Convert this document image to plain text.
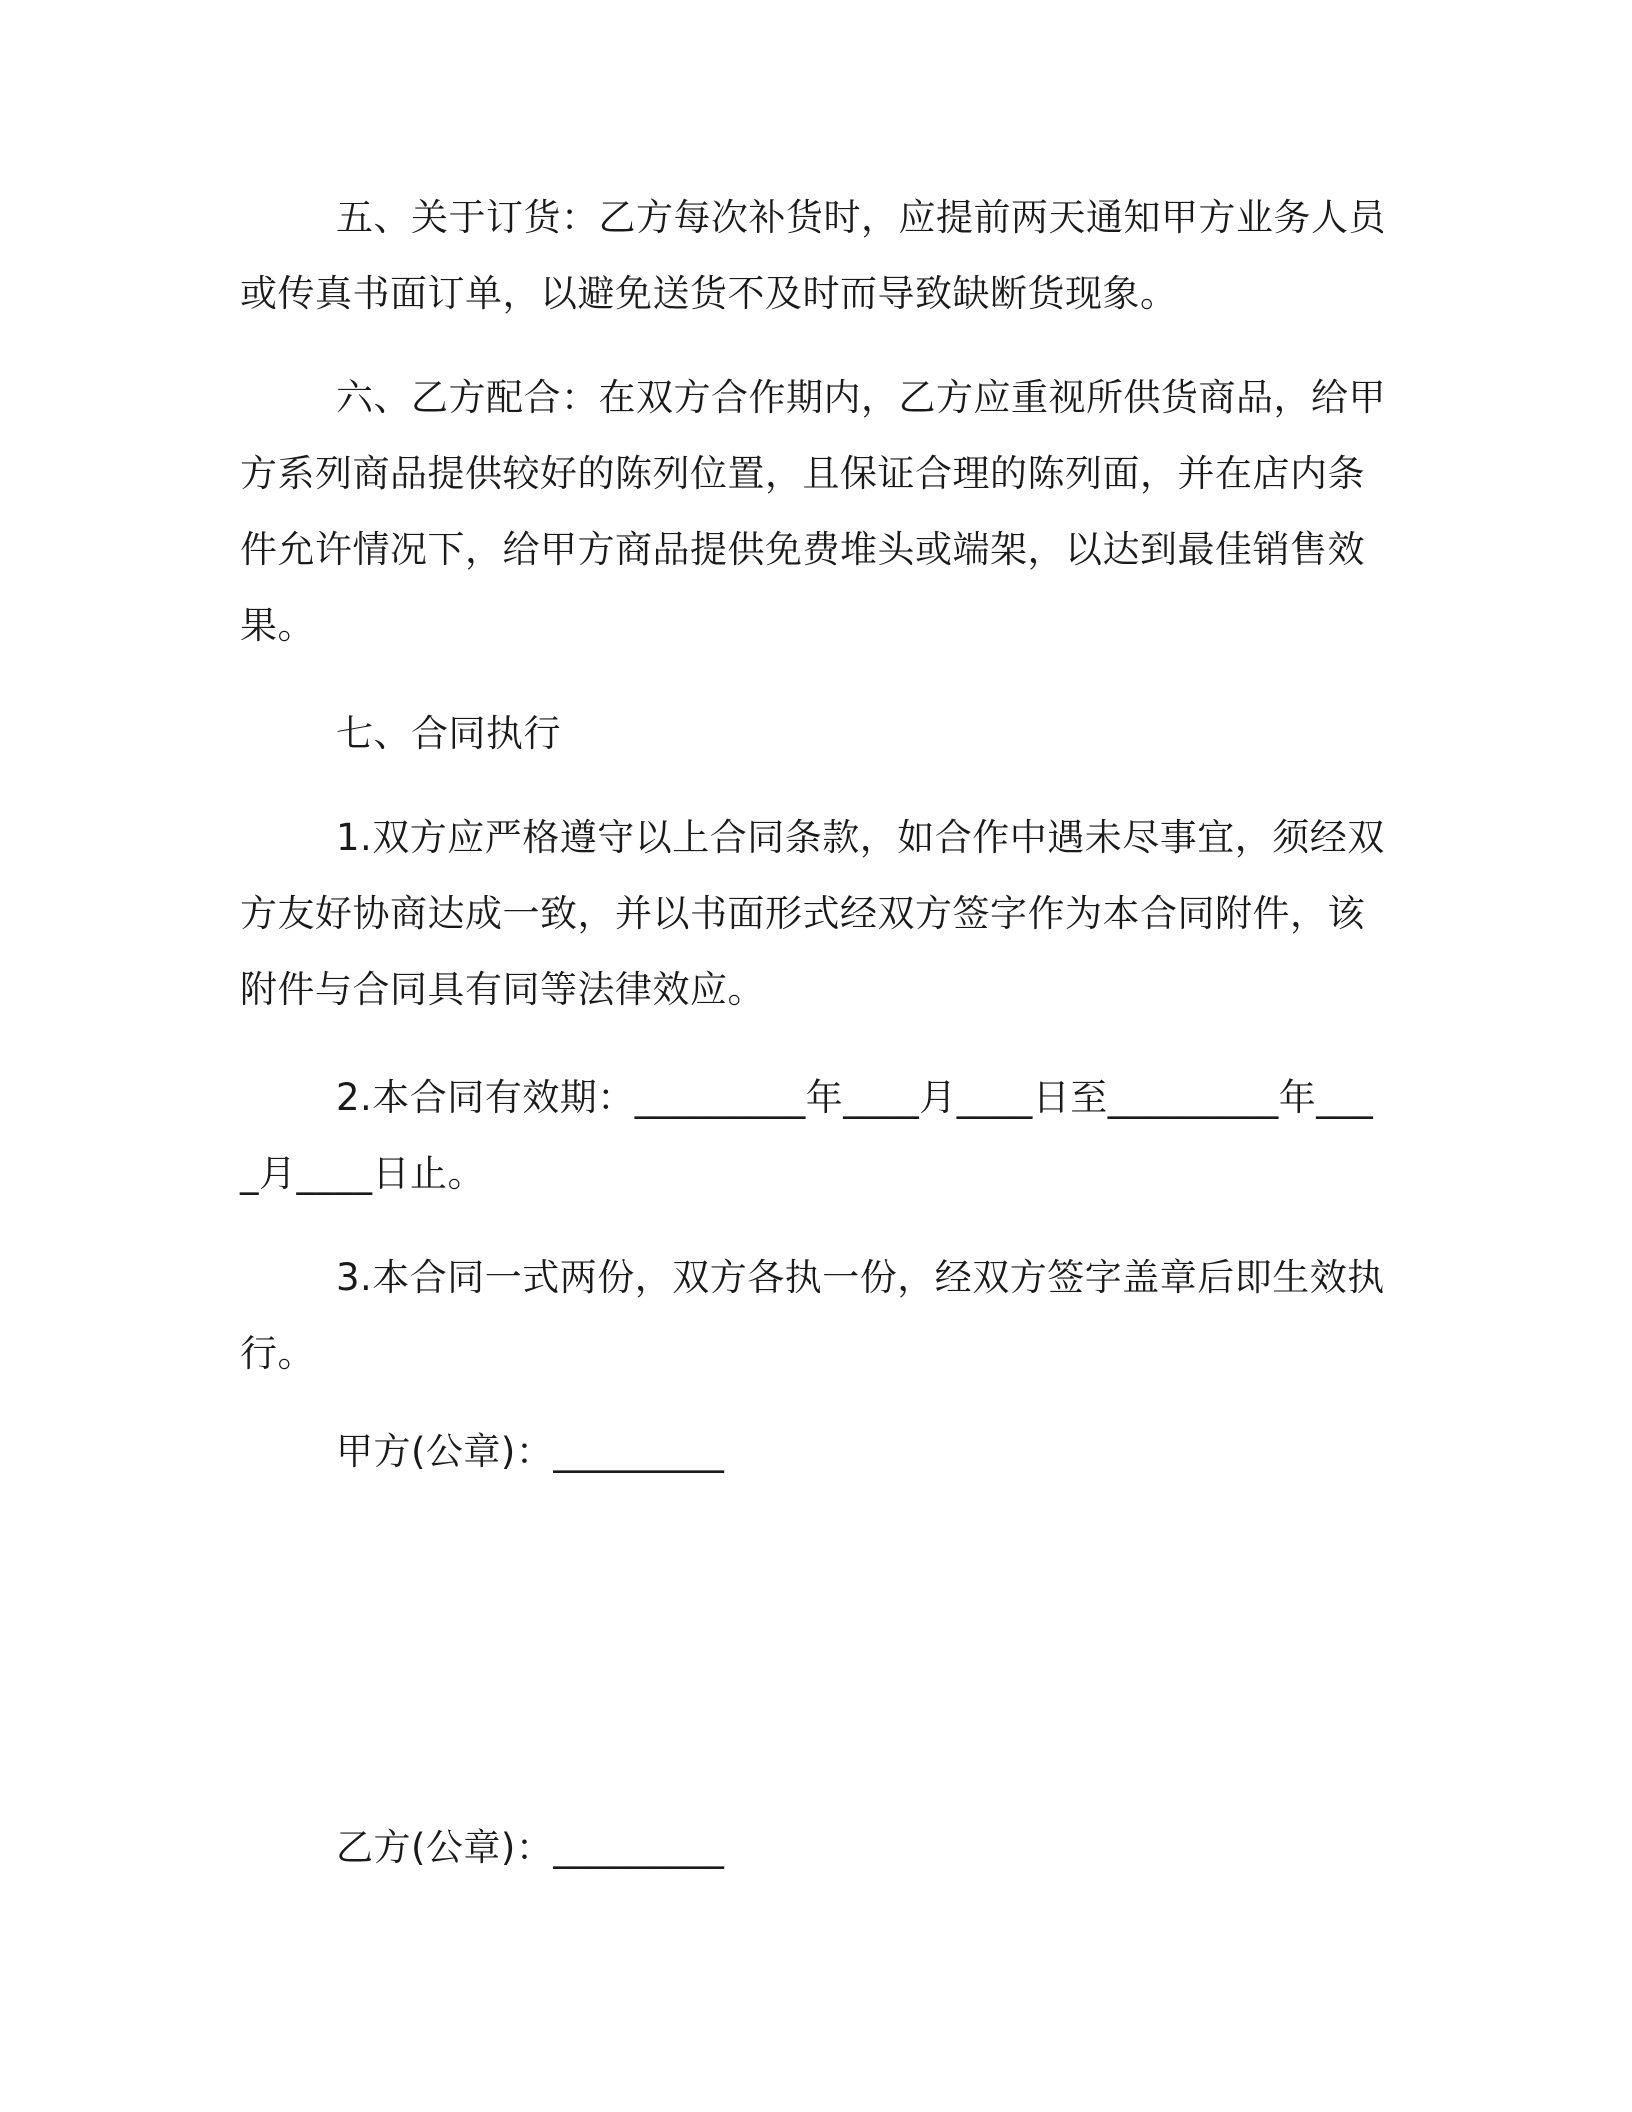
五、关于订货：乙方每次补货时，应提前两天通知甲方业务人员或传真书面订单，以避免送货不及时而导致缺断货现象。

六、乙方配合：在双方合作期内，乙方应重视所供货商品，给甲方系列商品提供较好的陈列位置，且保证合理的陈列面，并在店内条件允许情况下，给甲方商品提供免费堆头或端架，以达到最佳销售效果。

七、合同执行

1.双方应严格遵守以上合同条款，如合作中遇未尽事宜，须经双方友好协商达成一致，并以书面形式经双方签字作为本合同附件，该附件与合同具有同等法律效应。

2.本合同有效期：_________年____月____日至_________年____月____日止。

3.本合同一式两份，双方各执一份，经双方签字盖章后即生效执行。

甲方(公章)：_________

乙方(公章)：_________
